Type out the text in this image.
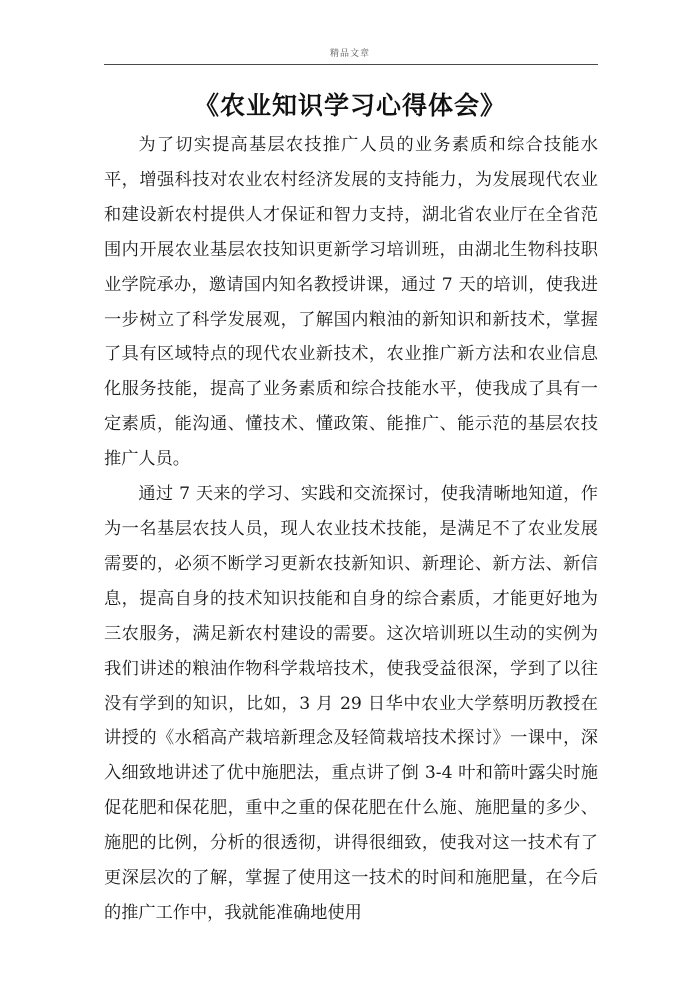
精品文章
《农业知识学习心得体会》

为了切实提高基层农技推广人员的业务素质和综合技能水平，增强科技对农业农村经济发展的支持能力，为发展现代农业和建设新农村提供人才保证和智力支持，湖北省农业厅在全省范围内开展农业基层农技知识更新学习培训班，由湖北生物科技职业学院承办，邀请国内知名教授讲课，通过 7 天的培训，使我进一步树立了科学发展观，了解国内粮油的新知识和新技术，掌握了具有区域特点的现代农业新技术，农业推广新方法和农业信息化服务技能，提高了业务素质和综合技能水平，使我成了具有一定素质，能沟通、懂技术、懂政策、能推广、能示范的基层农技推广人员。

通过 7 天来的学习、实践和交流探讨，使我清晰地知道，作为一名基层农技人员，现人农业技术技能，是满足不了农业发展需要的，必须不断学习更新农技新知识、新理论、新方法、新信息，提高自身的技术知识技能和自身的综合素质，才能更好地为三农服务，满足新农村建设的需要。这次培训班以生动的实例为我们讲述的粮油作物科学栽培技术，使我受益很深，学到了以往没有学到的知识，比如，3 月 29 日华中农业大学蔡明历教授在讲授的《水稻高产栽培新理念及轻简栽培技术探讨》一课中，深入细致地讲述了优中施肥法，重点讲了倒 3-4 叶和箭叶露尖时施促花肥和保花肥，重中之重的保花肥在什么施、施肥量的多少、施肥的比例，分析的很透彻，讲得很细致，使我对这一技术有了更深层次的了解，掌握了使用这一技术的时间和施肥量，在今后的推广工作中，我就能准确地使用
